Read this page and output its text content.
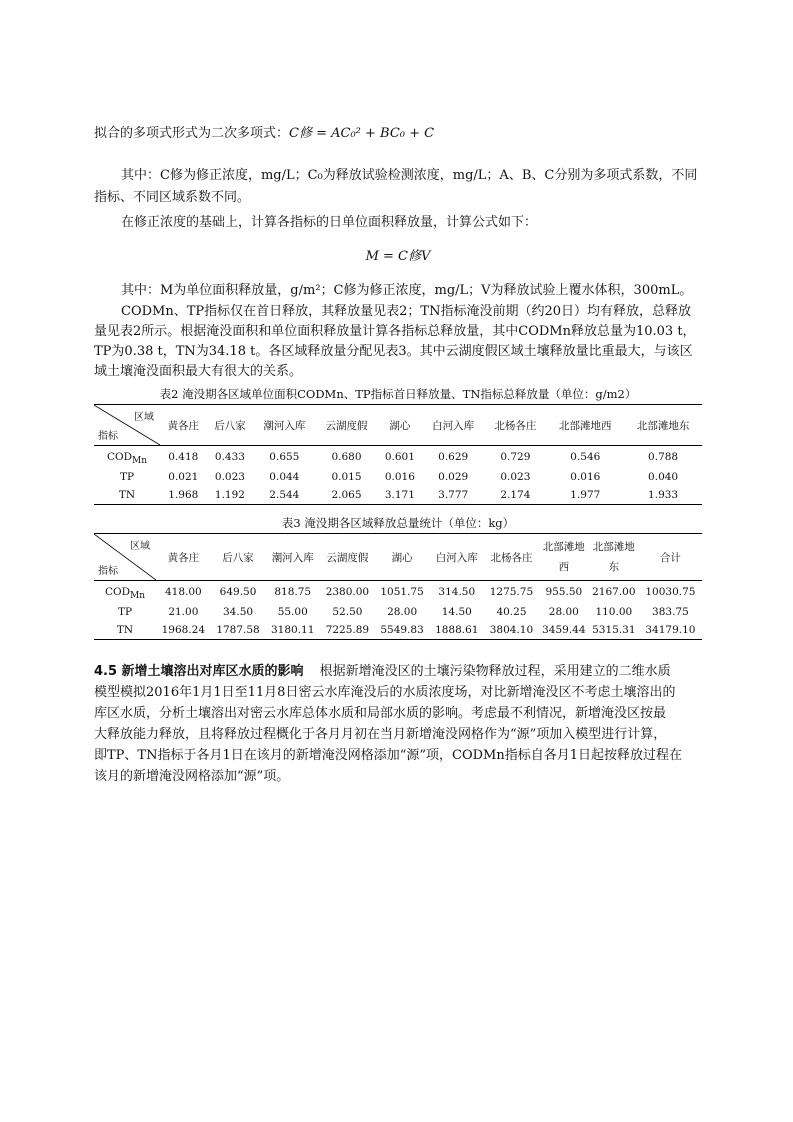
拟合的多项式形式为二次多项式：C修 = AC₀² + BC₀ + C
其中：C修为修正浓度，mg/L；C₀为释放试验检测浓度，mg/L；A、B、C分别为多项式系数，不同
指标、不同区域系数不同。
在修正浓度的基础上，计算各指标的日单位面积释放量，计算公式如下：
M = C修V
其中：M为单位面积释放量，g/m²；C修为修正浓度，mg/L；V为释放试验上覆水体积，300mL。
CODMn、TP指标仅在首日释放，其释放量见表2；TN指标淹没前期（约20日）均有释放，总释放
量见表2所示。根据淹没面积和单位面积释放量计算各指标总释放量，其中CODMn释放总量为10.03 t，
TP为0.38 t，TN为34.18 t。各区域释放量分配见表3。其中云湖度假区域土壤释放量比重最大，与该区
域土壤淹没面积最大有很大的关系。
表2 淹没期各区域单位面积CODMn、TP指标首日释放量、TN指标总释放量（单位：g/m2）
区域
指标	黄各庄	后八家	潮河入库	云湖度假	湖心	白河入库	北杨各庄	北部滩地西	北部滩地东
$COD_{Mn}$	0.418	0.433	0.655	0.680	0.601	0.629	0.729	0.546	0.788
TP	0.021	0.023	0.044	0.015	0.016	0.029	0.023	0.016	0.040
TN	1.968	1.192	2.544	2.065	3.171	3.777	2.174	1.977	1.933
表3 淹没期各区域释放总量统计（单位：kg）
区域
指标	黄各庄	后八家	潮河入库	云湖度假	湖心	白河入库	北杨各庄	北部滩地西	北部滩地东	合计
$COD_{Mn}$	418.00	649.50	818.75	2380.00	1051.75	314.50	1275.75	955.50	2167.00	10030.75
TP	21.00	34.50	55.00	52.50	28.00	14.50	40.25	28.00	110.00	383.75
TN	1968.24	1787.58	3180.11	7225.89	5549.83	1888.61	3804.10	3459.44	5315.31	34179.10
4.5 新增土壤溶出对库区水质的影响 根据新增淹没区的土壤污染物释放过程，采用建立的二维水质
模型模拟2016年1月1日至11月8日密云水库淹没后的水质浓度场，对比新增淹没区不考虑土壤溶出的
库区水质，分析土壤溶出对密云水库总体水质和局部水质的影响。考虑最不利情况，新增淹没区按最
大释放能力释放，且将释放过程概化于各月月初在当月新增淹没网格作为“源”项加入模型进行计算，
即TP、TN指标于各月1日在该月的新增淹没网格添加“源”项，CODMn指标自各月1日起按释放过程在
该月的新增淹没网格添加“源”项。
